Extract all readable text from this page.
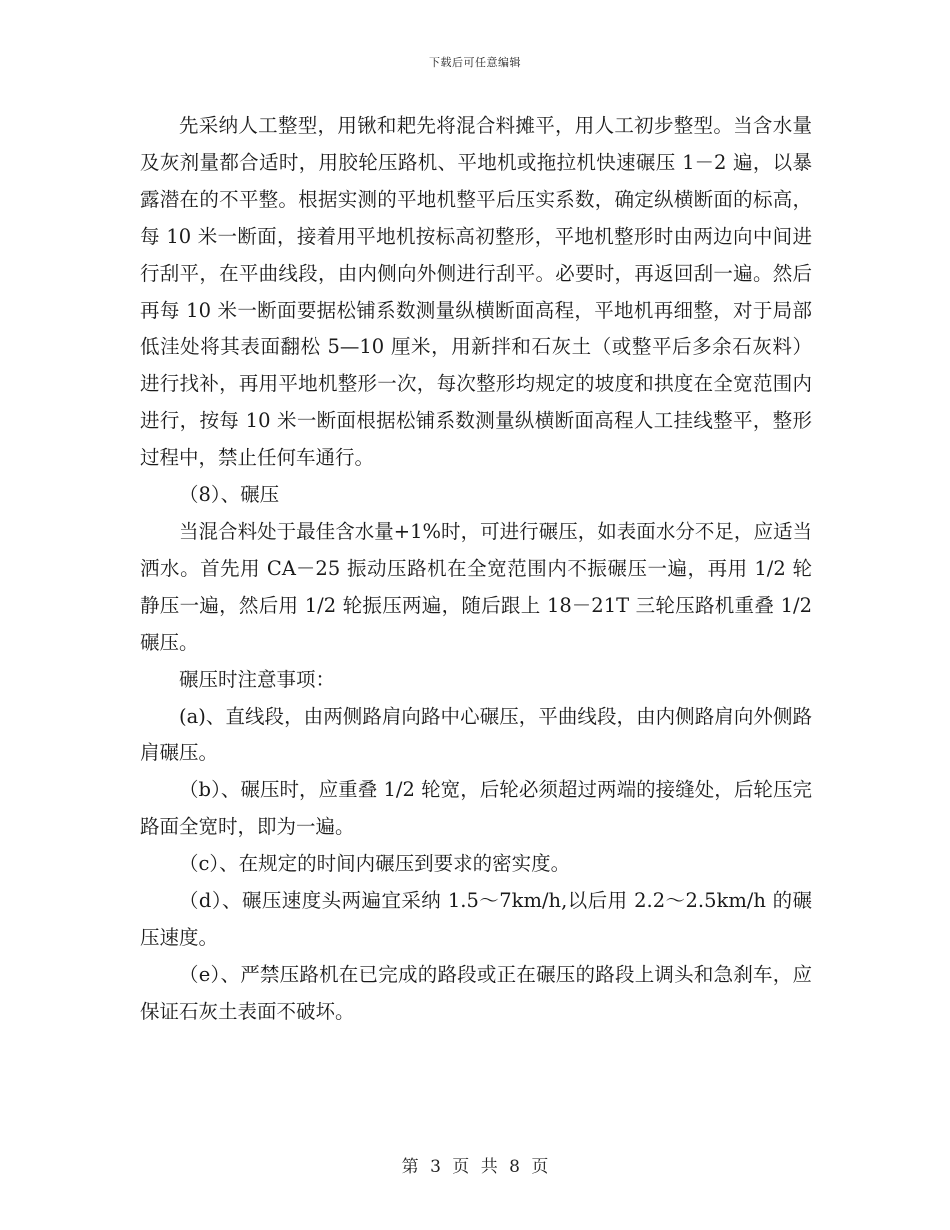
下载后可任意编辑

先采纳人工整型，用锹和耙先将混合料摊平，用人工初步整型。当含水量及灰剂量都合适时，用胶轮压路机、平地机或拖拉机快速碾压 1－2 遍，以暴露潜在的不平整。根据实测的平地机整平后压实系数，确定纵横断面的标高，每 10 米一断面，接着用平地机按标高初整形，平地机整形时由两边向中间进行刮平，在平曲线段，由内侧向外侧进行刮平。必要时，再返回刮一遍。然后再每 10 米一断面要据松铺系数测量纵横断面高程，平地机再细整，对于局部低洼处将其表面翻松 5—10 厘米，用新拌和石灰土（或整平后多余石灰料）进行找补，再用平地机整形一次，每次整形均规定的坡度和拱度在全宽范围内进行，按每 10 米一断面根据松铺系数测量纵横断面高程人工挂线整平，整形过程中，禁止任何车通行。

（8）、碾压

当混合料处于最佳含水量+1%时，可进行碾压，如表面水分不足，应适当洒水。首先用 CA－25 振动压路机在全宽范围内不振碾压一遍，再用 1/2 轮静压一遍，然后用 1/2 轮振压两遍，随后跟上 18－21T 三轮压路机重叠 1/2 碾压。

碾压时注意事项：

(a)、直线段，由两侧路肩向路中心碾压，平曲线段，由内侧路肩向外侧路肩碾压。

（b）、碾压时，应重叠 1/2 轮宽，后轮必须超过两端的接缝处，后轮压完路面全宽时，即为一遍。

（c）、在规定的时间内碾压到要求的密实度。

（d）、碾压速度头两遍宜采纳 1.5～7km/h,以后用 2.2～2.5km/h 的碾压速度。

（e）、严禁压路机在已完成的路段或正在碾压的路段上调头和急刹车，应保证石灰土表面不破坏。

第 3 页 共 8 页
